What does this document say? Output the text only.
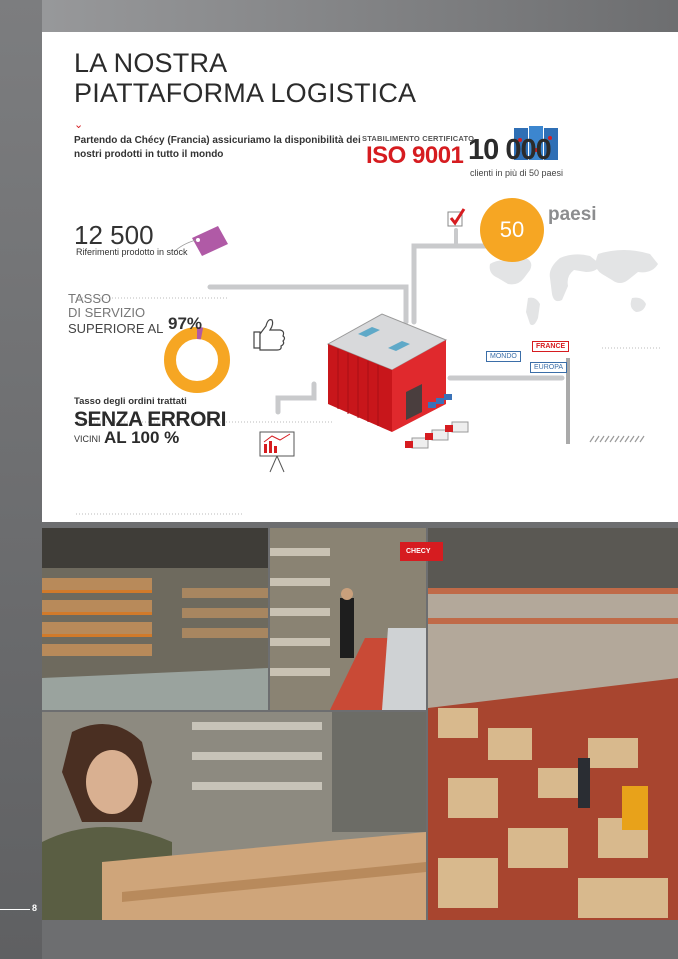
LA NOSTRA
PIATTAFORMA LOGISTICA
⌄

Partendo da Chécy (Francia) assicuriamo la disponibilità dei nostri prodotti in tutto il mondo

STABILIMENTO CERTIFICATO
ISO 9001 10 000
clienti in più di 50 paesi
50
paesi
12 500
Riferimenti prodotto in stock
TASSO
DI SERVIZIO
SUPERIORE AL 97%
Tasso degli ordini trattati
SENZA ERRORI
VICINI AL 100 %
FRANCE
MONDO
EUROPA
CHECY
8
